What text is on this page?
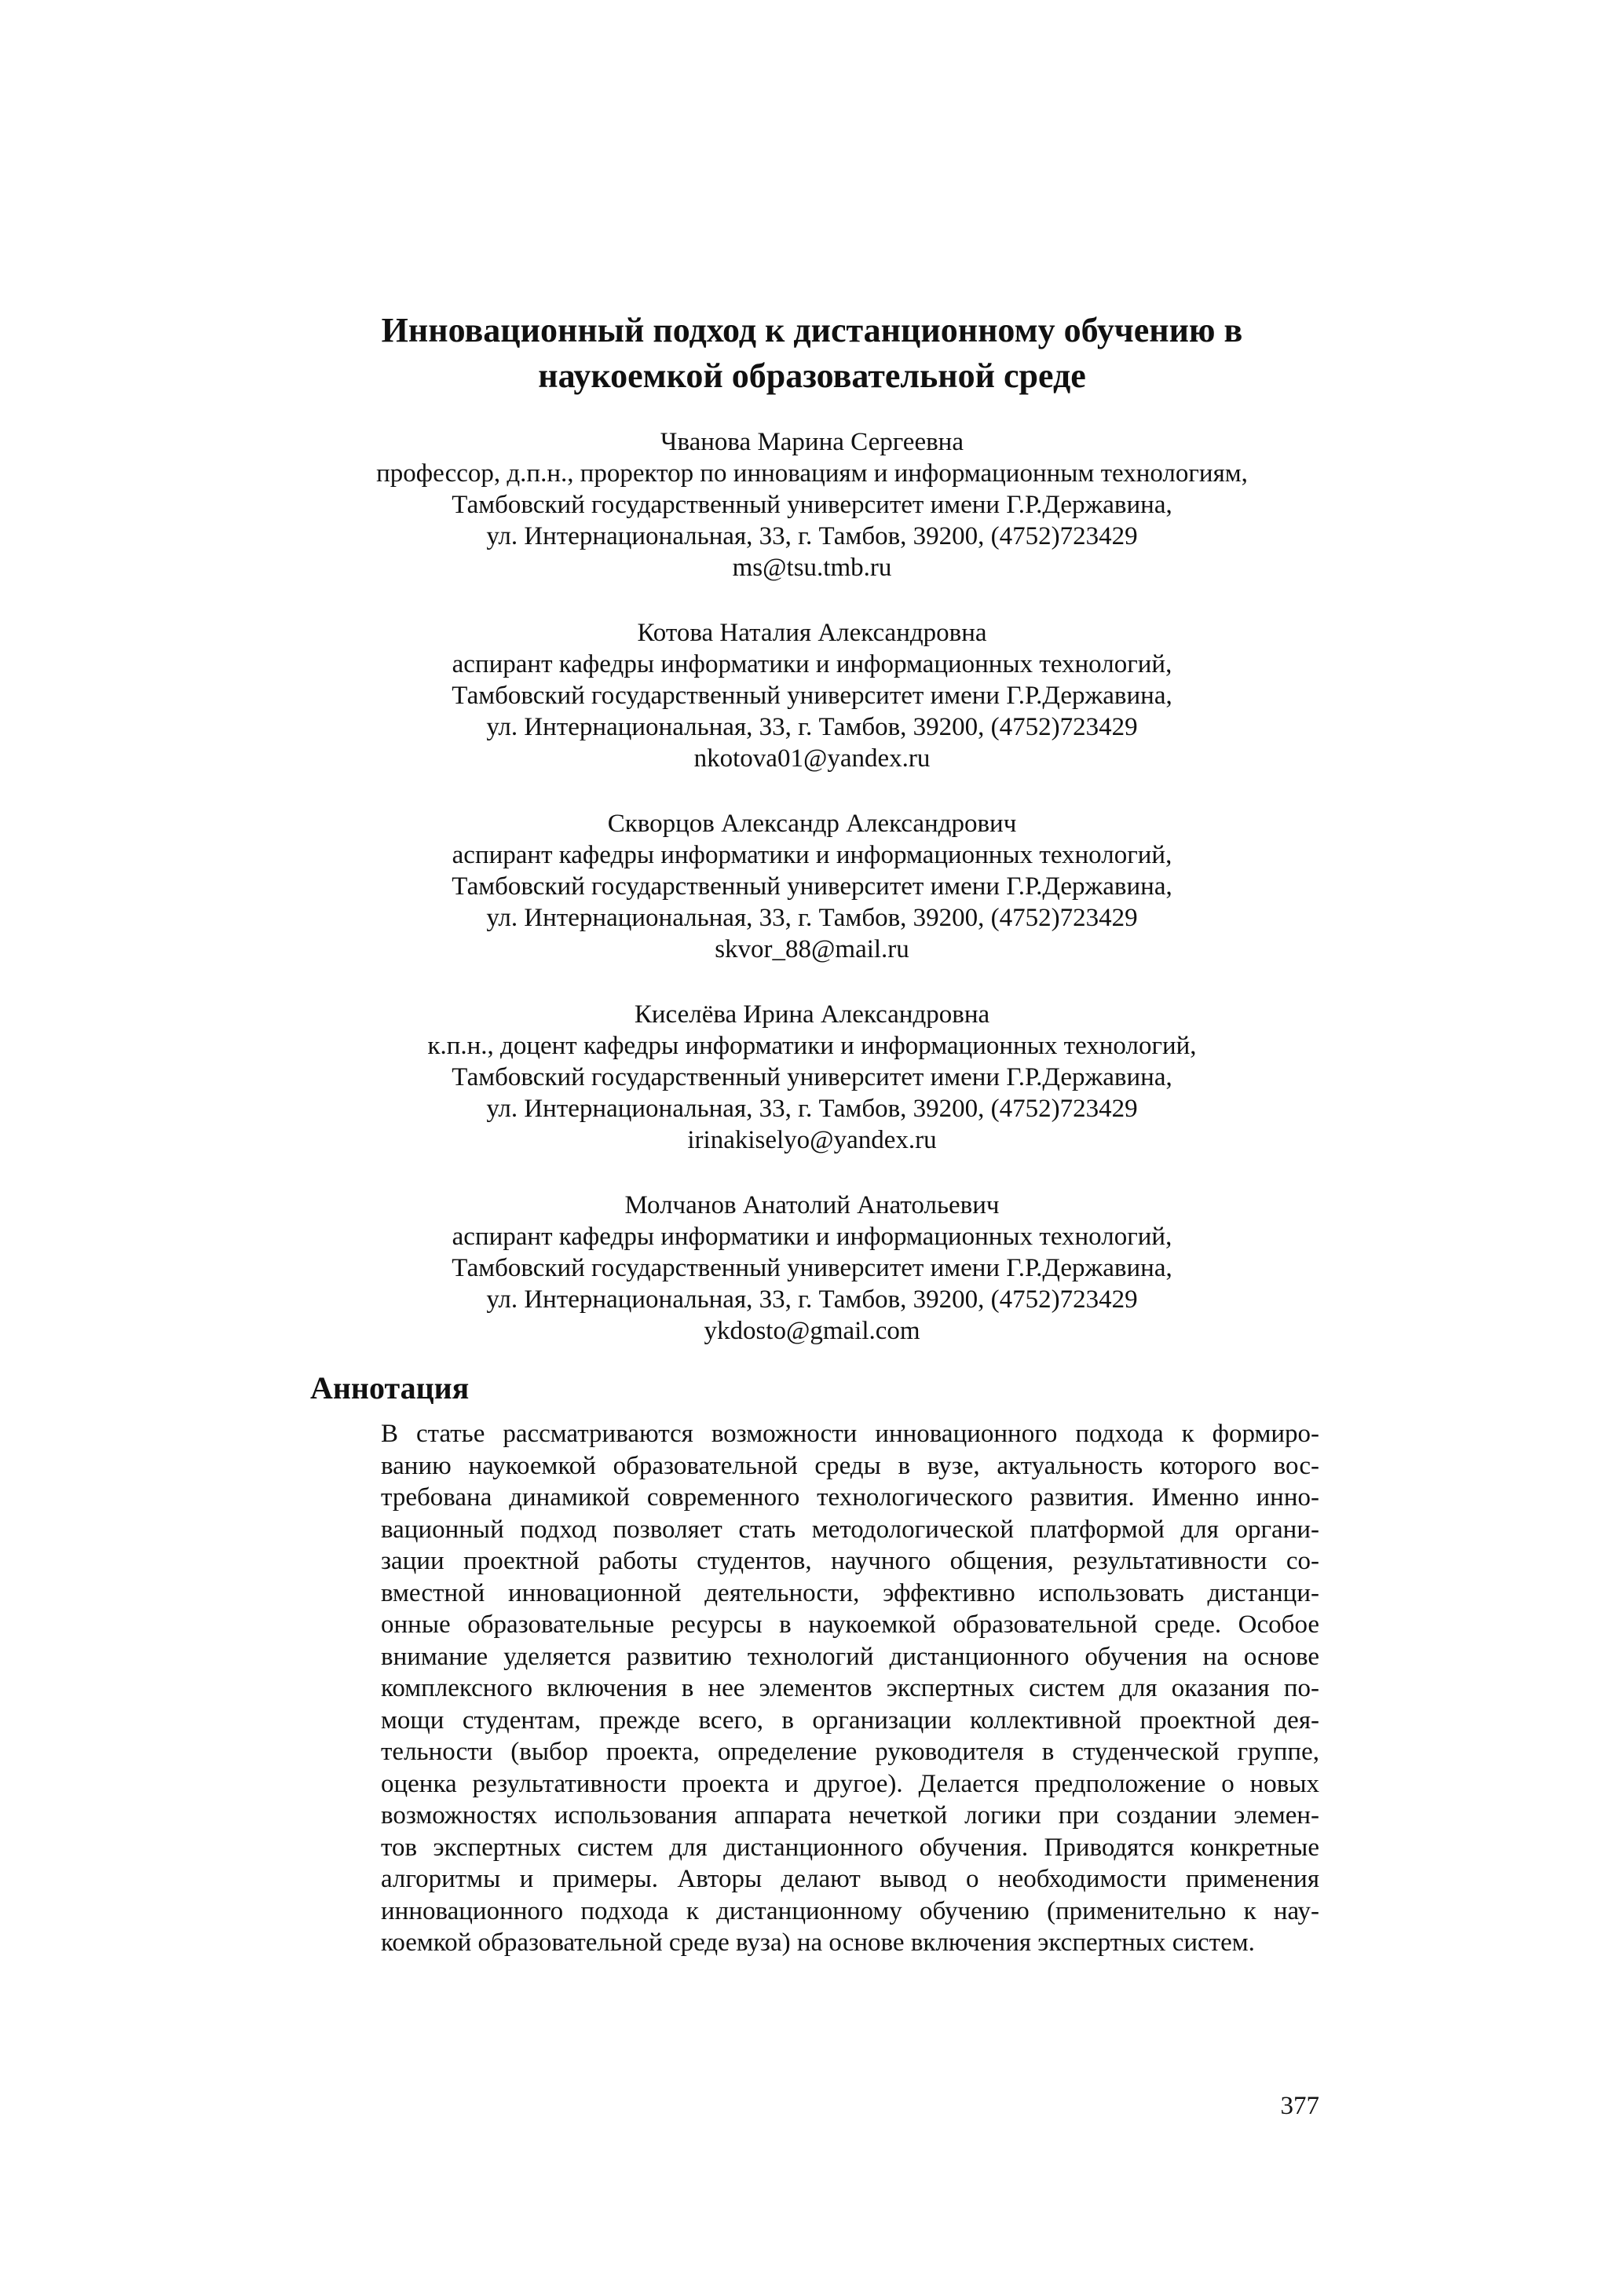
Инновационный подход к дистанционному обучению в
наукоемкой образовательной среде
Чванова Марина Сергеевна
профессор, д.п.н., проректор по инновациям и информационным технологиям,
Тамбовский государственный университет имени Г.Р.Державина,
ул. Интернациональная, 33, г. Тамбов, 39200, (4752)723429
ms@tsu.tmb.ru
Котова Наталия Александровна
аспирант кафедры информатики и информационных технологий,
Тамбовский государственный университет имени Г.Р.Державина,
ул. Интернациональная, 33, г. Тамбов, 39200, (4752)723429
nkotova01@yandex.ru
Скворцов Александр Александрович
аспирант кафедры информатики и информационных технологий,
Тамбовский государственный университет имени Г.Р.Державина,
ул. Интернациональная, 33, г. Тамбов, 39200, (4752)723429
skvor_88@mail.ru
Киселёва Ирина Александровна
к.п.н., доцент кафедры информатики и информационных технологий,
Тамбовский государственный университет имени Г.Р.Державина,
ул. Интернациональная, 33, г. Тамбов, 39200, (4752)723429
irinakiselyo@yandex.ru
Молчанов Анатолий Анатольевич
аспирант кафедры информатики и информационных технологий,
Тамбовский государственный университет имени Г.Р.Державина,
ул. Интернациональная, 33, г. Тамбов, 39200, (4752)723429
ykdosto@gmail.com
Аннотация
В статье рассматриваются возможности инновационного подхода к формиро-
ванию наукоемкой образовательной среды в вузе, актуальность которого вос-
требована динамикой современного технологического развития. Именно инно-
вационный подход позволяет стать методологической платформой для органи-
зации проектной работы студентов, научного общения, результативности со-
вместной инновационной деятельности, эффективно использовать дистанци-
онные образовательные ресурсы в наукоемкой образовательной среде. Особое
внимание уделяется развитию технологий дистанционного обучения на основе
комплексного включения в нее элементов экспертных систем для оказания по-
мощи студентам, прежде всего, в организации коллективной проектной дея-
тельности (выбор проекта, определение руководителя в студенческой группе,
оценка результативности проекта и другое). Делается предположение о новых
возможностях использования аппарата нечеткой логики при создании элемен-
тов экспертных систем для дистанционного обучения. Приводятся конкретные
алгоритмы и примеры. Авторы делают вывод о необходимости применения
инновационного подхода к дистанционному обучению (применительно к нау-
коемкой образовательной среде вуза) на основе включения экспертных систем.
377
